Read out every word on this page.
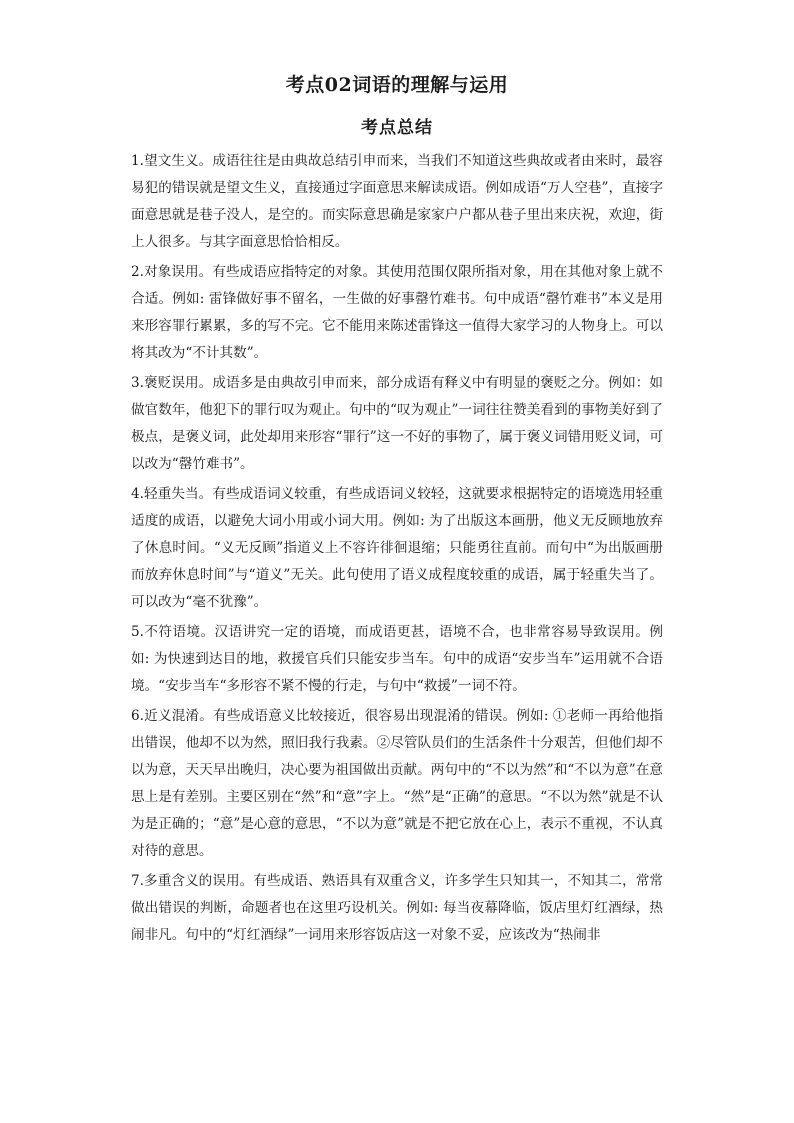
考点02词语的理解与运用
考点总结

1.望文生义。成语往往是由典故总结引申而来，当我们不知道这些典故或者由来时，最容易犯的错误就是望文生义，直接通过字面意思来解读成语。例如成语“万人空巷”，直接字面意思就是巷子没人，是空的。而实际意思确是家家户户都从巷子里出来庆祝，欢迎，街上人很多。与其字面意思恰恰相反。

2.对象误用。有些成语应指特定的对象。其使用范围仅限所指对象，用在其他对象上就不合适。例如: 雷锋做好事不留名，一生做的好事罄竹难书。句中成语“罄竹难书”本义是用来形容罪行累累，多的写不完。它不能用来陈述雷锋这一值得大家学习的人物身上。可以将其改为“不计其数”。

3.褒贬误用。成语多是由典故引申而来，部分成语有释义中有明显的褒贬之分。例如：如做官数年，他犯下的罪行叹为观止。句中的“叹为观止”一词往往赞美看到的事物美好到了极点，是褒义词，此处却用来形容“罪行”这一不好的事物了，属于褒义词错用贬义词，可以改为“罄竹难书”。

4.轻重失当。有些成语词义较重，有些成语词义较轻，这就要求根据特定的语境选用轻重适度的成语，以避免大词小用或小词大用。例如: 为了出版这本画册，他义无反顾地放弃了休息时间。“义无反顾”指道义上不容许徘徊退缩；只能勇往直前。而句中“为出版画册而放弃休息时间”与“道义”无关。此句使用了语义成程度较重的成语，属于轻重失当了。可以改为“毫不犹豫”。

5.不符语境。汉语讲究一定的语境，而成语更甚，语境不合，也非常容易导致误用。例如: 为快速到达目的地，救援官兵们只能安步当车。句中的成语“安步当车”运用就不合语境。“安步当车“多形容不紧不慢的行走，与句中“救援”一词不符。

6.近义混淆。有些成语意义比较接近，很容易出现混淆的错误。例如: ①老师一再给他指出错误，他却不以为然，照旧我行我素。②尽管队员们的生活条件十分艰苦，但他们却不以为意，天天早出晚归，决心要为祖国做出贡献。两句中的“不以为然”和“不以为意”在意思上是有差别。主要区别在“然”和“意”字上。“然”是“正确”的意思。“不以为然”就是不认为是正确的；“意”是心意的意思，“不以为意”就是不把它放在心上，表示不重视，不认真对待的意思。

7.多重含义的误用。有些成语、熟语具有双重含义，许多学生只知其一，不知其二，常常做出错误的判断，命题者也在这里巧设机关。例如: 每当夜幕降临，饭店里灯红酒绿，热闹非凡。句中的“灯红酒绿”一词用来形容饭店这一对象不妥，应该改为“热闹非
